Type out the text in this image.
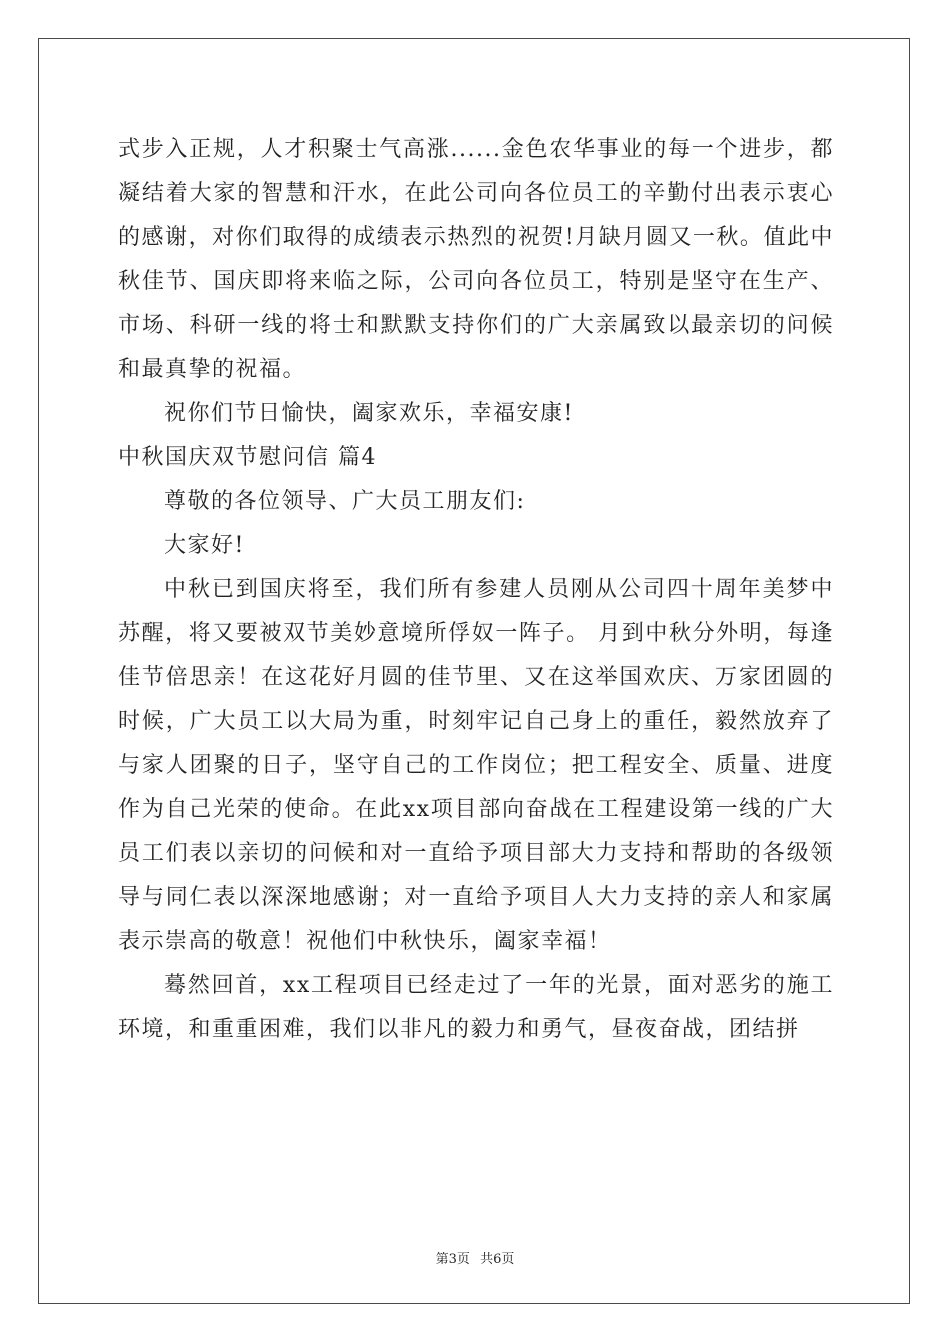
式步入正规，人才积聚士气高涨......金色农华事业的每一个进步，都凝结着大家的智慧和汗水，在此公司向各位员工的辛勤付出表示衷心的感谢，对你们取得的成绩表示热烈的祝贺!月缺月圆又一秋。值此中秋佳节、国庆即将来临之际，公司向各位员工，特别是坚守在生产、市场、科研一线的将士和默默支持你们的广大亲属致以最亲切的问候和最真挚的祝福。

祝你们节日愉快，阖家欢乐，幸福安康!

中秋国庆双节慰问信 篇4

尊敬的各位领导、广大员工朋友们:

大家好!

中秋已到国庆将至，我们所有参建人员刚从公司四十周年美梦中苏醒，将又要被双节美妙意境所俘奴一阵子。 月到中秋分外明，每逢佳节倍思亲！在这花好月圆的佳节里、又在这举国欢庆、万家团圆的时候，广大员工以大局为重，时刻牢记自己身上的重任，毅然放弃了与家人团聚的日子，坚守自己的工作岗位；把工程安全、质量、进度作为自己光荣的使命。在此xx项目部向奋战在工程建设第一线的广大员工们表以亲切的问候和对一直给予项目部大力支持和帮助的各级领导与同仁表以深深地感谢；对一直给予项目人大力支持的亲人和家属表示崇高的敬意！祝他们中秋快乐，阖家幸福！

蓦然回首，xx工程项目已经走过了一年的光景，面对恶劣的施工环境，和重重困难，我们以非凡的毅力和勇气，昼夜奋战，团结拼

第3页 共6页
